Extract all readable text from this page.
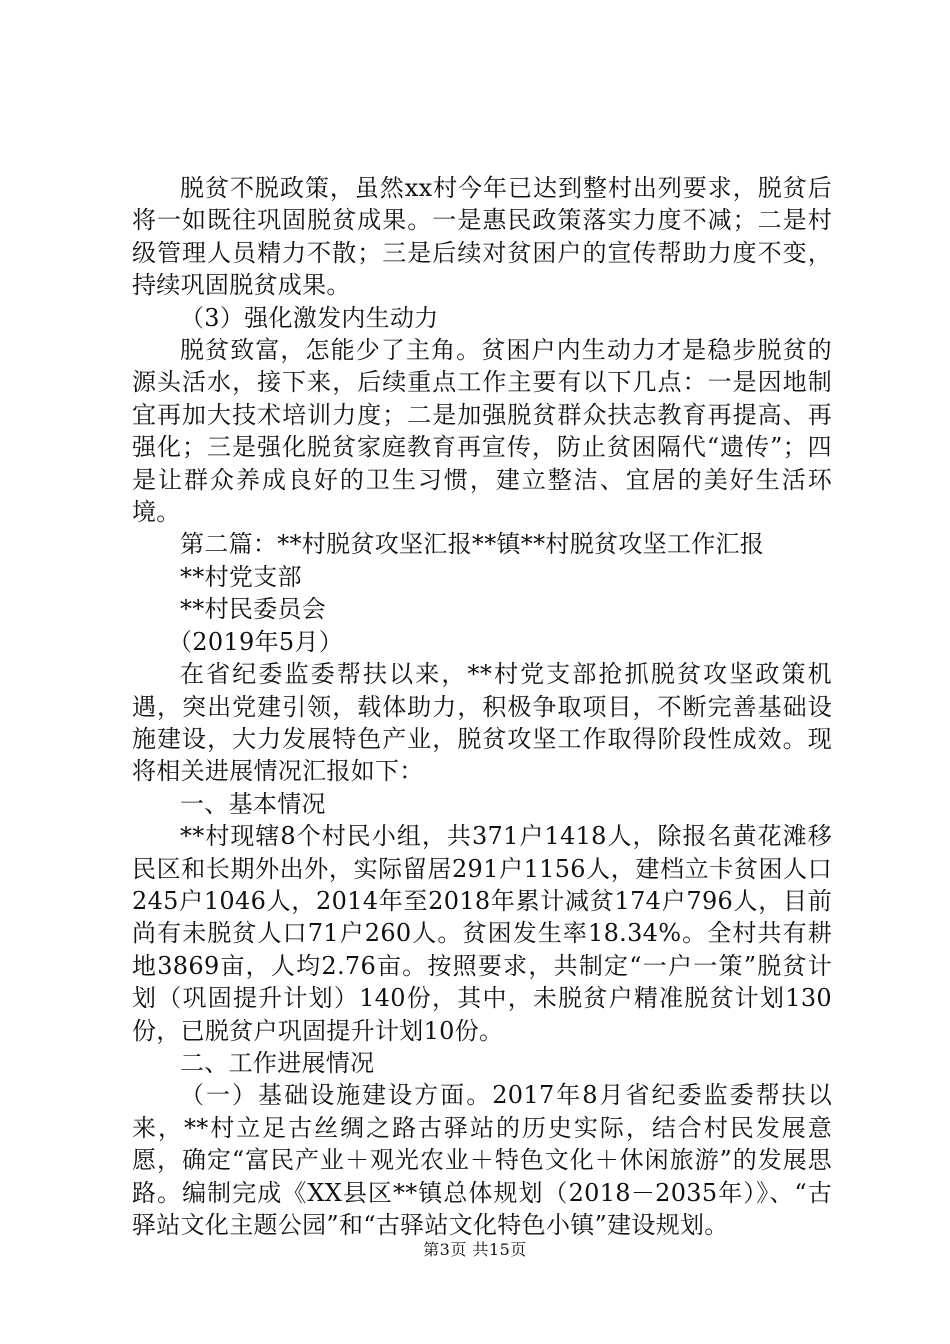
脱贫不脱政策，虽然xx村今年已达到整村出列要求，脱贫后将一如既往巩固脱贫成果。一是惠民政策落实力度不减；二是村级管理人员精力不散；三是后续对贫困户的宣传帮助力度不变，持续巩固脱贫成果。

（3）强化激发内生动力

脱贫致富，怎能少了主角。贫困户内生动力才是稳步脱贫的源头活水，接下来，后续重点工作主要有以下几点：一是因地制宜再加大技术培训力度；二是加强脱贫群众扶志教育再提高、再强化；三是强化脱贫家庭教育再宣传，防止贫困隔代“遗传”；四是让群众养成良好的卫生习惯，建立整洁、宜居的美好生活环境。

第二篇：**村脱贫攻坚汇报**镇**村脱贫攻坚工作汇报

**村党支部

**村民委员会

（2019年5月）

在省纪委监委帮扶以来，**村党支部抢抓脱贫攻坚政策机遇，突出党建引领，载体助力，积极争取项目，不断完善基础设施建设，大力发展特色产业，脱贫攻坚工作取得阶段性成效。现将相关进展情况汇报如下：

一、基本情况

**村现辖8个村民小组，共371户1418人，除报名黄花滩移民区和长期外出外，实际留居291户1156人，建档立卡贫困人口245户1046人，2014年至2018年累计减贫174户796人，目前尚有未脱贫人口71户260人。贫困发生率18.34%。全村共有耕地3869亩，人均2.76亩。按照要求，共制定“一户一策”脱贫计划（巩固提升计划）140份，其中，未脱贫户精准脱贫计划130份，已脱贫户巩固提升计划10份。

二、工作进展情况

（一）基础设施建设方面。2017年8月省纪委监委帮扶以来，**村立足古丝绸之路古驿站的历史实际，结合村民发展意愿，确定“富民产业＋观光农业＋特色文化＋休闲旅游”的发展思路。编制完成《XX县区**镇总体规划（2018－2035年）》、“古驿站文化主题公园”和“古驿站文化特色小镇”建设规划。

第3页 共15页
